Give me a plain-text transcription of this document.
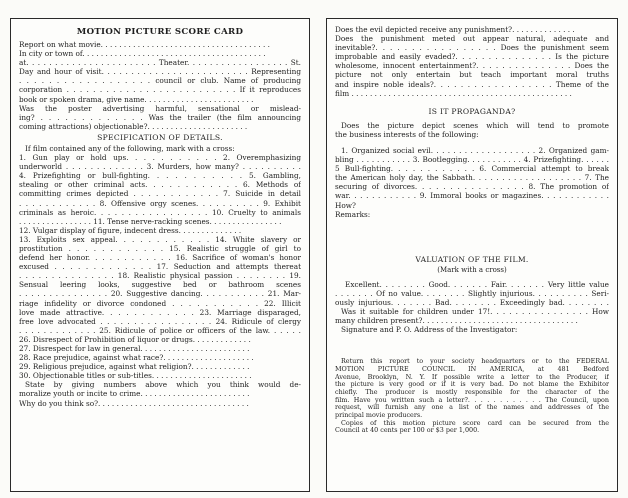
MOTION PICTURE SCORE CARD
Report on what movie. . . . . . . . . . . . . . . . . . . . . . . . . . . . . . . . . . . . .
In city or town of. . . . . . . . . . . . . . . . . . . . . . . . . . . . . . . . . . . . . . . .
at. . . . . . . . . . . . . . . . . . . . . . . Theater. . . . . . . . . . . . . . . . . . St.
Day and hour of visit. . . . . . . . . . . . . . . . . . . . . . . . . Representing
. . . . . . . . . . . . . . . . . . council or club. Name of producing
corporation . . . . . . . . . . . . . . . . . . . . . . . . . . If it reproduces
book or spoken drama, give name. . . . . . . . . . . . . . . . . . . . . . . .
Was the poster advertising harmful, sensational or mislead-
ing? . . . . . . . . . . . . . Was the trailer (the film announcing
coming attractions) objectionable?. . . . . . . . . . . . . . . . . . . . . .
SPECIFICATION OF DETAILS.
If film contained any of the following, mark with a cross:
1. Gun play or hold ups. . . . . . . . . . . 2. Overemphasizing
underworld . . . . . . . . . . . . . 3. Murders, how many? . . . . . . . . . .
4. Prizefighting or bull-fighting. . . . . . . . . . . 5. Gambling,
stealing or other criminal acts. . . . . . . . . . . . 6. Methods of
committing crimes depicted . . . . . . . . . . . . 7. Suicide in detail
. . . . . . . . . . . . 8. Offensive orgy scenes. . . . . . . . . . 9. Exhibit
criminals as heroic. . . . . . . . . . . . . . . . . 10. Cruelty to animals
. . . . . . . . . . . . . . . . 11. Tense nerve-racking scenes. . . . . . . . . . . . . . . .
12. Vulgar display of figure, indecent dress. . . . . . . . . . . . . .
13. Exploits sex appeal. . . . . . . . . . . . 14. White slavery or
prostitution . . . . . . . . . . . . 15. Realistic struggle of girl to
defend her honor. . . . . . . . . . . . 16. Sacrifice of woman's honor
excused . . . . . . . . . . . . . 17. Seduction and attempts thereat
. . . . . . . . . . . . . . . 18. Realistic physical passion . . . . . . . . 19.
Sensual leering looks, suggestive bed or bathroom scenes
. . . . . . . . . . . . . . . 20. Suggestive dancing. . . . . . . . . . . 21. Mar-
riage infidelity or divorce condoned . . . . . . . . . . . 22. Illicit
love made attractive. . . . . . . . . . . . 23. Marriage disparaged,
free love advocated . . . . . . . . . . . . . . . . . 24. Ridicule of clergy
. . . . . . . . . . . . . 25. Ridicule of police or officers of the law. . . . . .
26. Disrespect of Prohibition of liquor or drugs. . . . . . . . . . . . .
27. Disrespect for law in general. . . . . . . . . . . . . . . . . . . . . . . .
28. Race prejudice, against what race?. . . . . . . . . . . . . . . . . . . .
29. Religious prejudice, against what religion?. . . . . . . . . . . . .
30. Objectionable titles or sub-titles. . . . . . . . . . . . . . . . . . . . . .
State by giving numbers above which you think would de-
moralize youth or incite to crime. . . . . . . . . . . . . . . . . . . . . . . .
Why do you think so?. . . . . . . . . . . . . . . . . . . . . . . . . . . . . . . . .
Does the evil depicted receive any punishment?. . . . . . . . . . . . . .
Does the punishment meted out appear natural, adequate and
inevitable?. . . . . . . . . . . . . . . . . Does the punishment seem
improbable and easily evaded?. . . . . . . . . . . . . . . Is the picture
wholesome, innocent entertainment?. . . . . . . . . . . . . . . Does the
picture not only entertain but teach important moral truths
and inspire noble ideals?. . . . . . . . . . . . . . . . . . Theme of the
film . . . . . . . . . . . . . . . . . . . . . . . . . . . . . . . . . . . . . . . . . . . . . . . .
IS IT PROPAGANDA?
Does the picture depict scenes which will tend to promote
the business interests of the following:
1. Organized social evil. . . . . . . . . . . . . . . . . . . 2. Organized gam-
bling . . . . . . . . . . . 3. Bootlegging. . . . . . . . . . . 4. Prizefighting. . . . . .
5 Bull-fighting. . . . . . . . . . . . 6. Commercial attempt to break
the American holy day, the Sabbath. . . . . . . . . . . . . . . . . . . 7. The
securing of divorces. . . . . . . . . . . . . . . . 8. The promotion of
war. . . . . . . . . . . . 9. Immoral books or magazines. . . . . . . . . . . .
How?
Remarks:
VALUATION OF THE FILM.
(Mark with a cross)
Excellent. . . . . . . . Good. . . . . . . Fair. . . . . . . Very little value
. . . . . . . Of no value. . . . . . . . Slightly injurious. . . . . . . . . . Seri-
ously injurious. . . . . . . Bad. . . . . . . . Exceedingly bad. . . . . . . .
Was it suitable for children under 17!. . . . . . . . . . . . . . . . How
many children present?. . . . . . . . . . . . . . . . . . . . . . . . . . . . . . . . . .
Signature and P. O. Address of the Investigator:
Return this report to your society headquarters or to the FEDERAL
MOTION PICTURE COUNCIL IN AMERICA, at 481 Bedford
Avenue, Brooklyn, N. Y. If possible write a letter to the Producer, if
the picture is very good or if it is very bad. Do not blame the Exhibitor
chiefly. The producer is mostly responsible for the character of the
film. Have you written such a letter?. . . . . . . . . . . . The Council, upon
request, will furnish any one a list of the names and addresses of the
principal movie producers.
Copies of this motion picture score card can be secured from the
Council at 40 cents per 100 or $3 per 1,000.
